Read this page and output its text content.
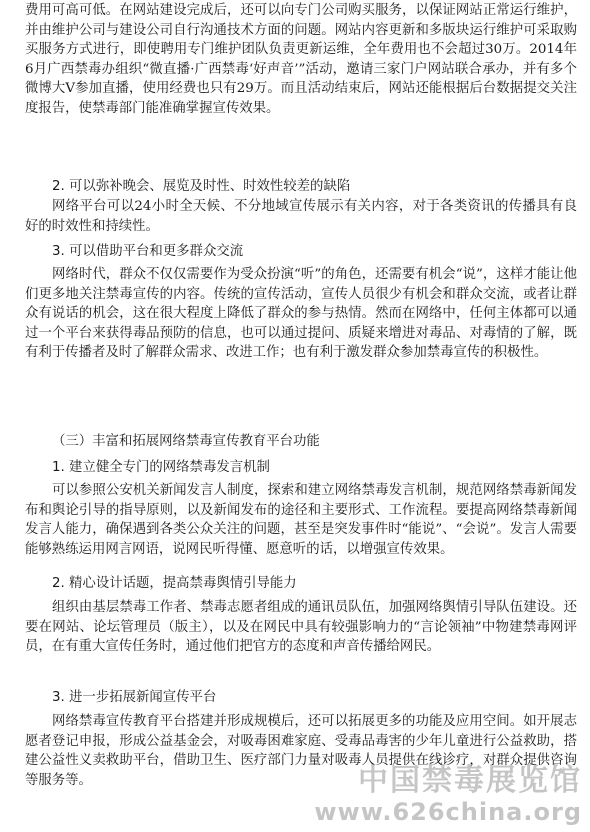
费用可高可低。在网站建设完成后，还可以向专门公司购买服务，以保证网站正常运行维护，并由维护公司与建设公司自行沟通技术方面的问题。网站内容更新和多版块运行维护可采取购买服务方式进行，即使聘用专门维护团队负责更新运维，全年费用也不会超过30万。2014年6月广西禁毒办组织“微直播·广西禁毒‘好声音’”活动，邀请三家门户网站联合承办，并有多个微博大V参加直播，使用经费也只有29万。而且活动结束后，网站还能根据后台数据提交关注度报告，使禁毒部门能准确掌握宣传效果。

2. 可以弥补晚会、展览及时性、时效性较差的缺陷

网络平台可以24小时全天候、不分地域宣传展示有关内容，对于各类资讯的传播具有良好的时效性和持续性。

3. 可以借助平台和更多群众交流

网络时代，群众不仅仅需要作为受众扮演“听”的角色，还需要有机会“说”，这样才能让他们更多地关注禁毒宣传的内容。传统的宣传活动，宣传人员很少有机会和群众交流，或者让群众有说话的机会，这在很大程度上降低了群众的参与热情。然而在网络中，任何主体都可以通过一个平台来获得毒品预防的信息，也可以通过提问、质疑来增进对毒品、对毒情的了解，既有利于传播者及时了解群众需求、改进工作；也有利于激发群众参加禁毒宣传的积极性。

（三）丰富和拓展网络禁毒宣传教育平台功能

1. 建立健全专门的网络禁毒发言机制

可以参照公安机关新闻发言人制度，探索和建立网络禁毒发言机制，规范网络禁毒新闻发布和舆论引导的指导原则，以及新闻发布的途径和主要形式、工作流程。要提高网络禁毒新闻发言人能力，确保遇到各类公众关注的问题，甚至是突发事件时“能说”、“会说”。发言人需要能够熟练运用网言网语，说网民听得懂、愿意听的话，以增强宣传效果。

2. 精心设计话题，提高禁毒舆情引导能力

组织由基层禁毒工作者、禁毒志愿者组成的通讯员队伍，加强网络舆情引导队伍建设。还要在网站、论坛管理员（版主），以及在网民中具有较强影响力的“言论领袖”中物建禁毒网评员，在有重大宣传任务时，通过他们把官方的态度和声音传播给网民。

3. 进一步拓展新闻宣传平台

网络禁毒宣传教育平台搭建并形成规模后，还可以拓展更多的功能及应用空间。如开展志愿者登记申报，形成公益基金会，对吸毒困难家庭、受毒品毒害的少年儿童进行公益救助，搭建公益性义卖救助平台，借助卫生、医疗部门力量对吸毒人员提供在线诊疗，对群众提供咨询等服务等。	中国禁毒展览馆
www.626china.org
